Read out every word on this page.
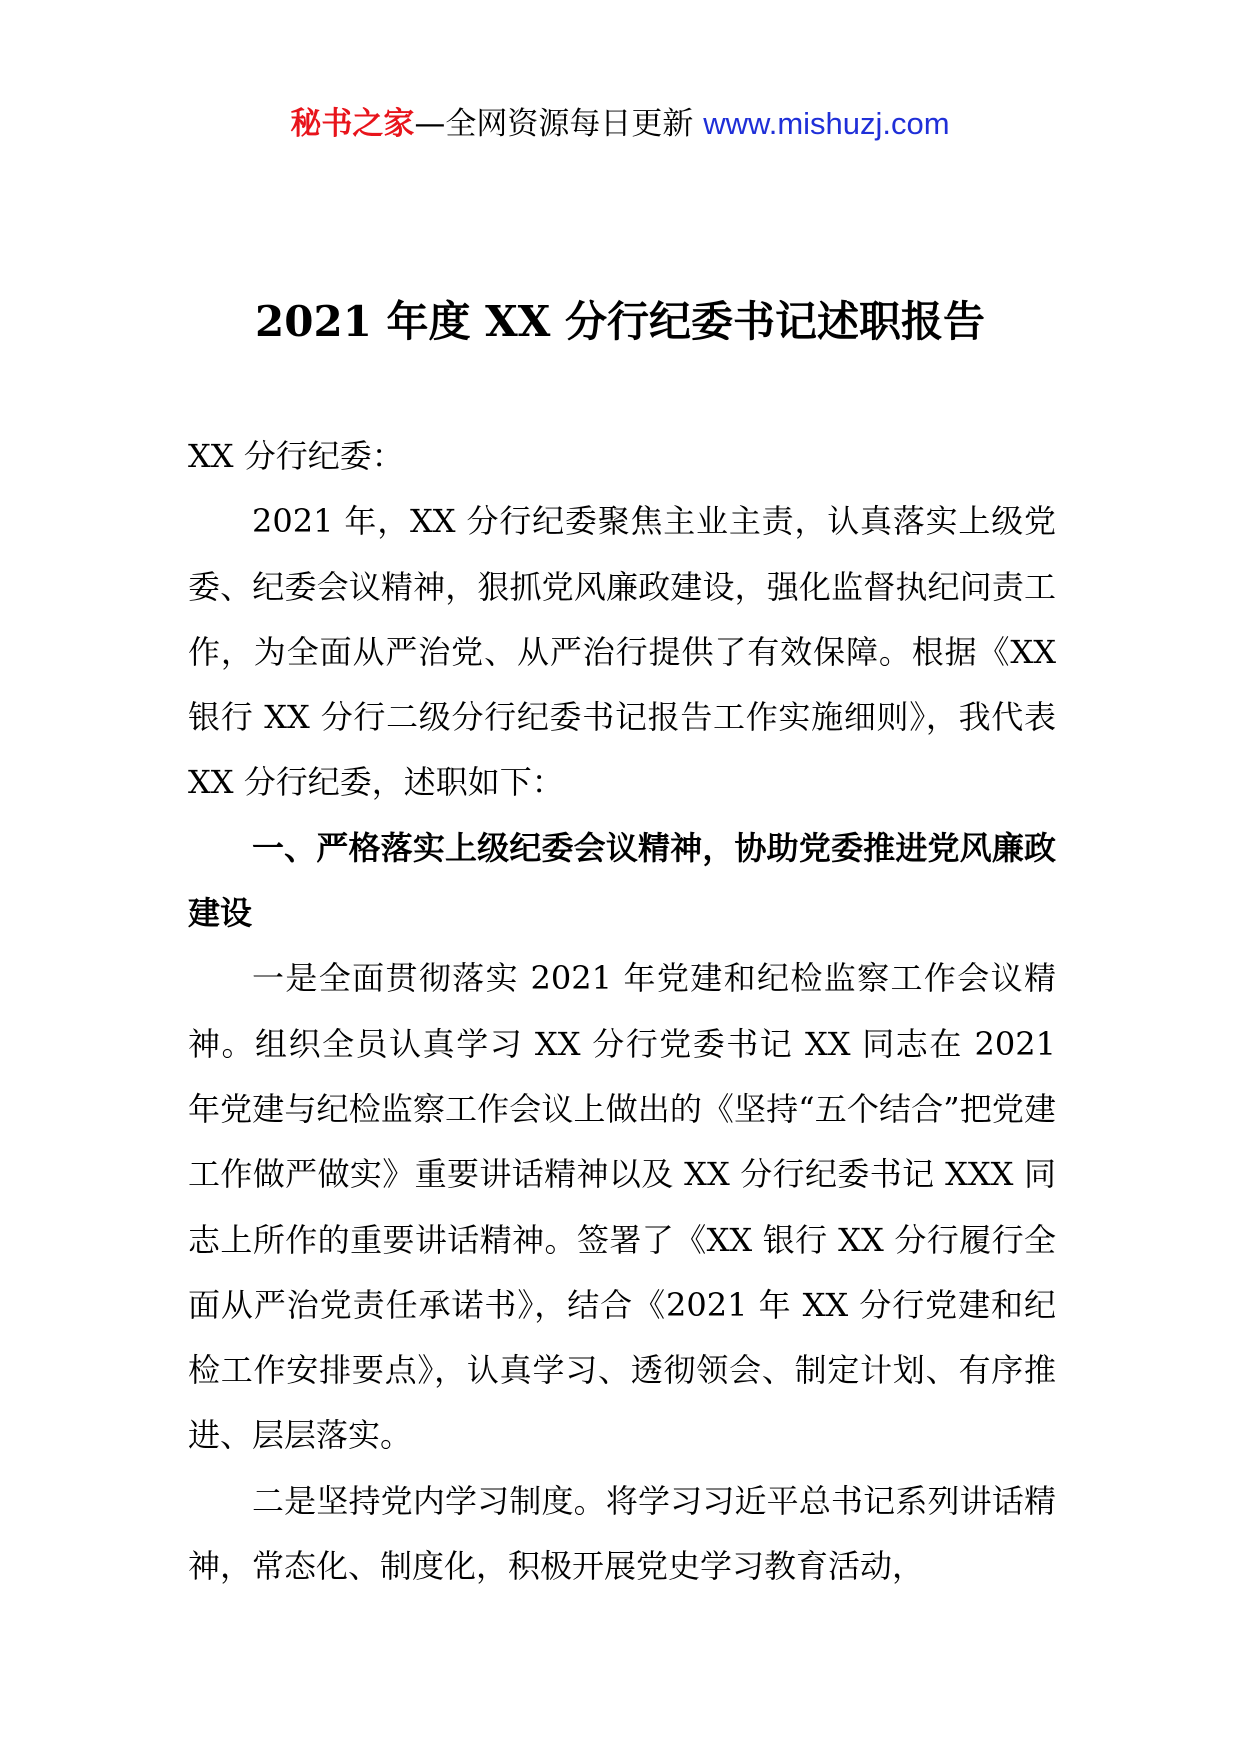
秘书之家—全网资源每日更新 www.mishuzj.com
2021 年度 XX 分行纪委书记述职报告

XX 分行纪委：

2021 年，XX 分行纪委聚焦主业主责，认真落实上级党委、纪委会议精神，狠抓党风廉政建设，强化监督执纪问责工作，为全面从严治党、从严治行提供了有效保障。根据《XX 银行 XX 分行二级分行纪委书记报告工作实施细则》，我代表 XX 分行纪委，述职如下：

一、严格落实上级纪委会议精神，协助党委推进党风廉政建设

一是全面贯彻落实 2021 年党建和纪检监察工作会议精神。组织全员认真学习 XX 分行党委书记 XX 同志在 2021 年党建与纪检监察工作会议上做出的《坚持“五个结合”把党建工作做严做实》重要讲话精神以及 XX 分行纪委书记 XXX 同志上所作的重要讲话精神。签署了《XX 银行 XX 分行履行全面从严治党责任承诺书》，结合《2021 年 XX 分行党建和纪检工作安排要点》，认真学习、透彻领会、制定计划、有序推进、层层落实。

二是坚持党内学习制度。将学习习近平总书记系列讲话精神，常态化、制度化，积极开展党史学习教育活动，
